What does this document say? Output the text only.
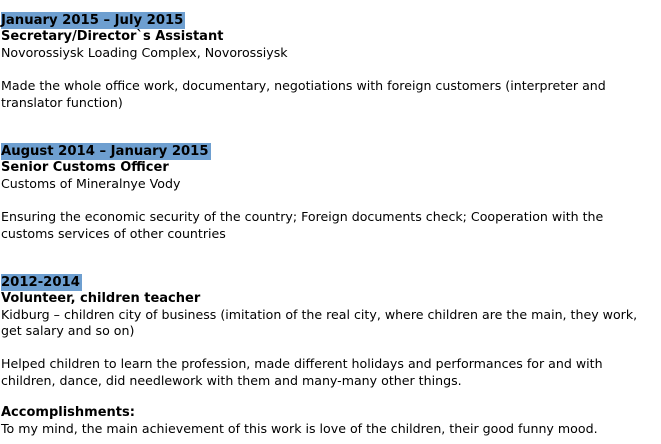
January 2015 – July 2015
Secretary/Director`s Assistant
Novorossiysk Loading Complex, Novorossiysk
Made the whole office work, documentary, negotiations with foreign customers (interpreter and translator function)
August 2014 – January 2015
Senior Customs Officer
Customs of Mineralnye Vody
Ensuring the economic security of the country; Foreign documents check; Cooperation with the customs services of other countries
2012-2014
Volunteer, children teacher
Kidburg – children city of business (imitation of the real city, where children are the main, they work, get salary and so on)
Helped children to learn the profession, made different holidays and performances for and with children, dance, did needlework with them and many-many other things.
Accomplishments:
To my mind, the main achievement of this work is love of the children, their good funny mood.
